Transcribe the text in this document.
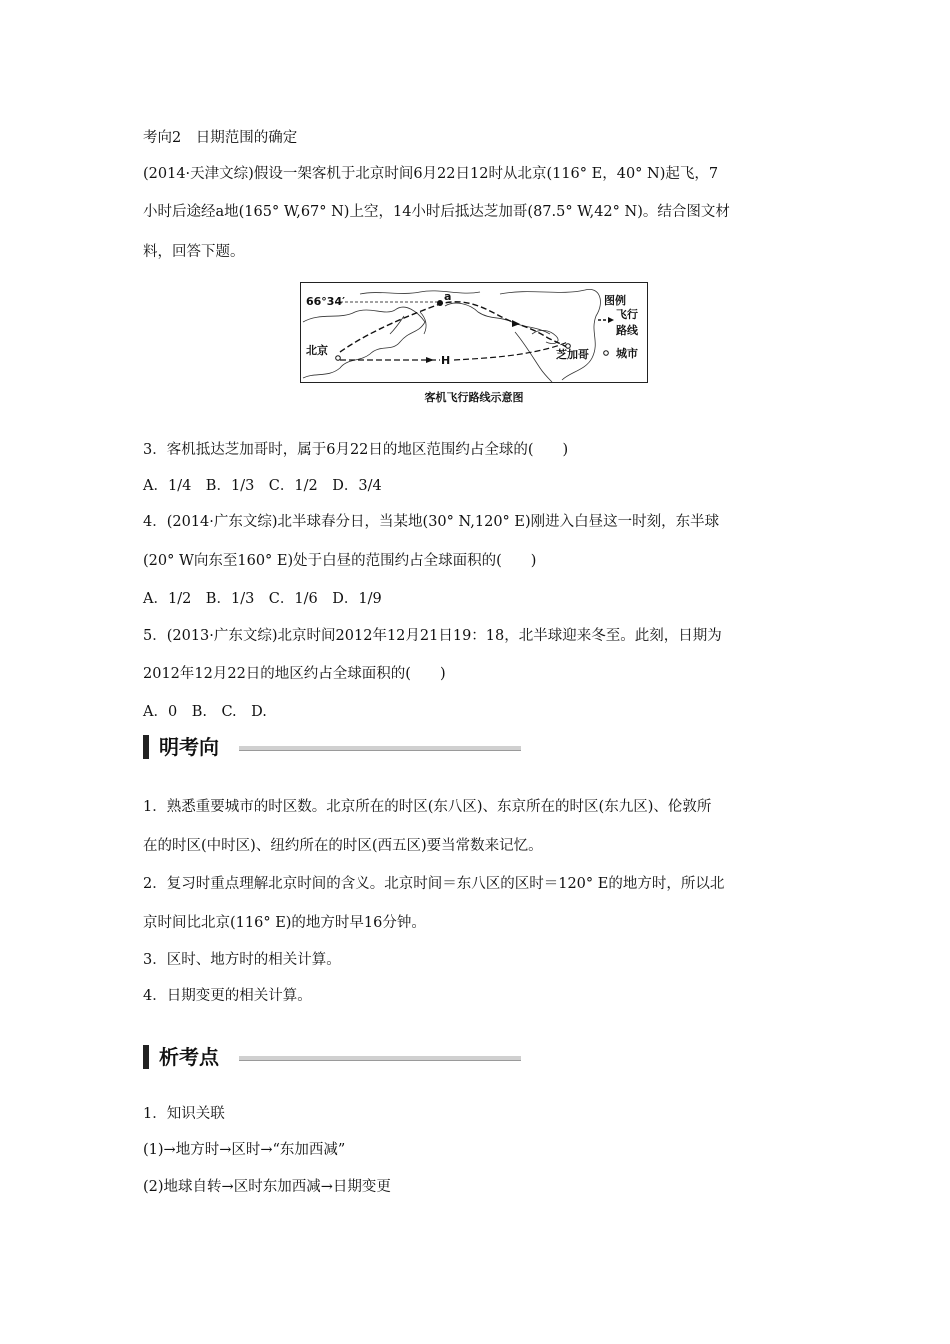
考向2　日期范围的确定
(2014·天津文综)假设一架客机于北京时间6月22日12时从北京(116° E，40° N)起飞，7
小时后途经a地(165° W,67° N)上空，14小时后抵达芝加哥(87.5° W,42° N)。结合图文材
料，回答下题。
66°34′
北京
H
a
芝加哥
图例
飞行
路线
城市
客机飞行路线示意图
3．客机抵达芝加哥时，属于6月22日的地区范围约占全球的(　　)
A．1/4　B．1/3　C．1/2　D．3/4
4．(2014·广东文综)北半球春分日，当某地(30° N,120° E)刚进入白昼这一时刻，东半球
(20° W向东至160° E)处于白昼的范围约占全球面积的(　　)
A．1/2　B．1/3　C．1/6　D．1/9
5．(2013·广东文综)北京时间2012年12月21日19：18，北半球迎来冬至。此刻，日期为
2012年12月22日的地区约占全球面积的(　　)
A．0　B.　C.　D.
明考向
1．熟悉重要城市的时区数。北京所在的时区(东八区)、东京所在的时区(东九区)、伦敦所
在的时区(中时区)、纽约所在的时区(西五区)要当常数来记忆。
2．复习时重点理解北京时间的含义。北京时间＝东八区的区时＝120° E的地方时，所以北
京时间比北京(116° E)的地方时早16分钟。
3．区时、地方时的相关计算。
4．日期变更的相关计算。
析考点
1．知识关联
(1)→地方时→区时→“东加西减”
(2)地球自转→区时东加西减→日期变更
